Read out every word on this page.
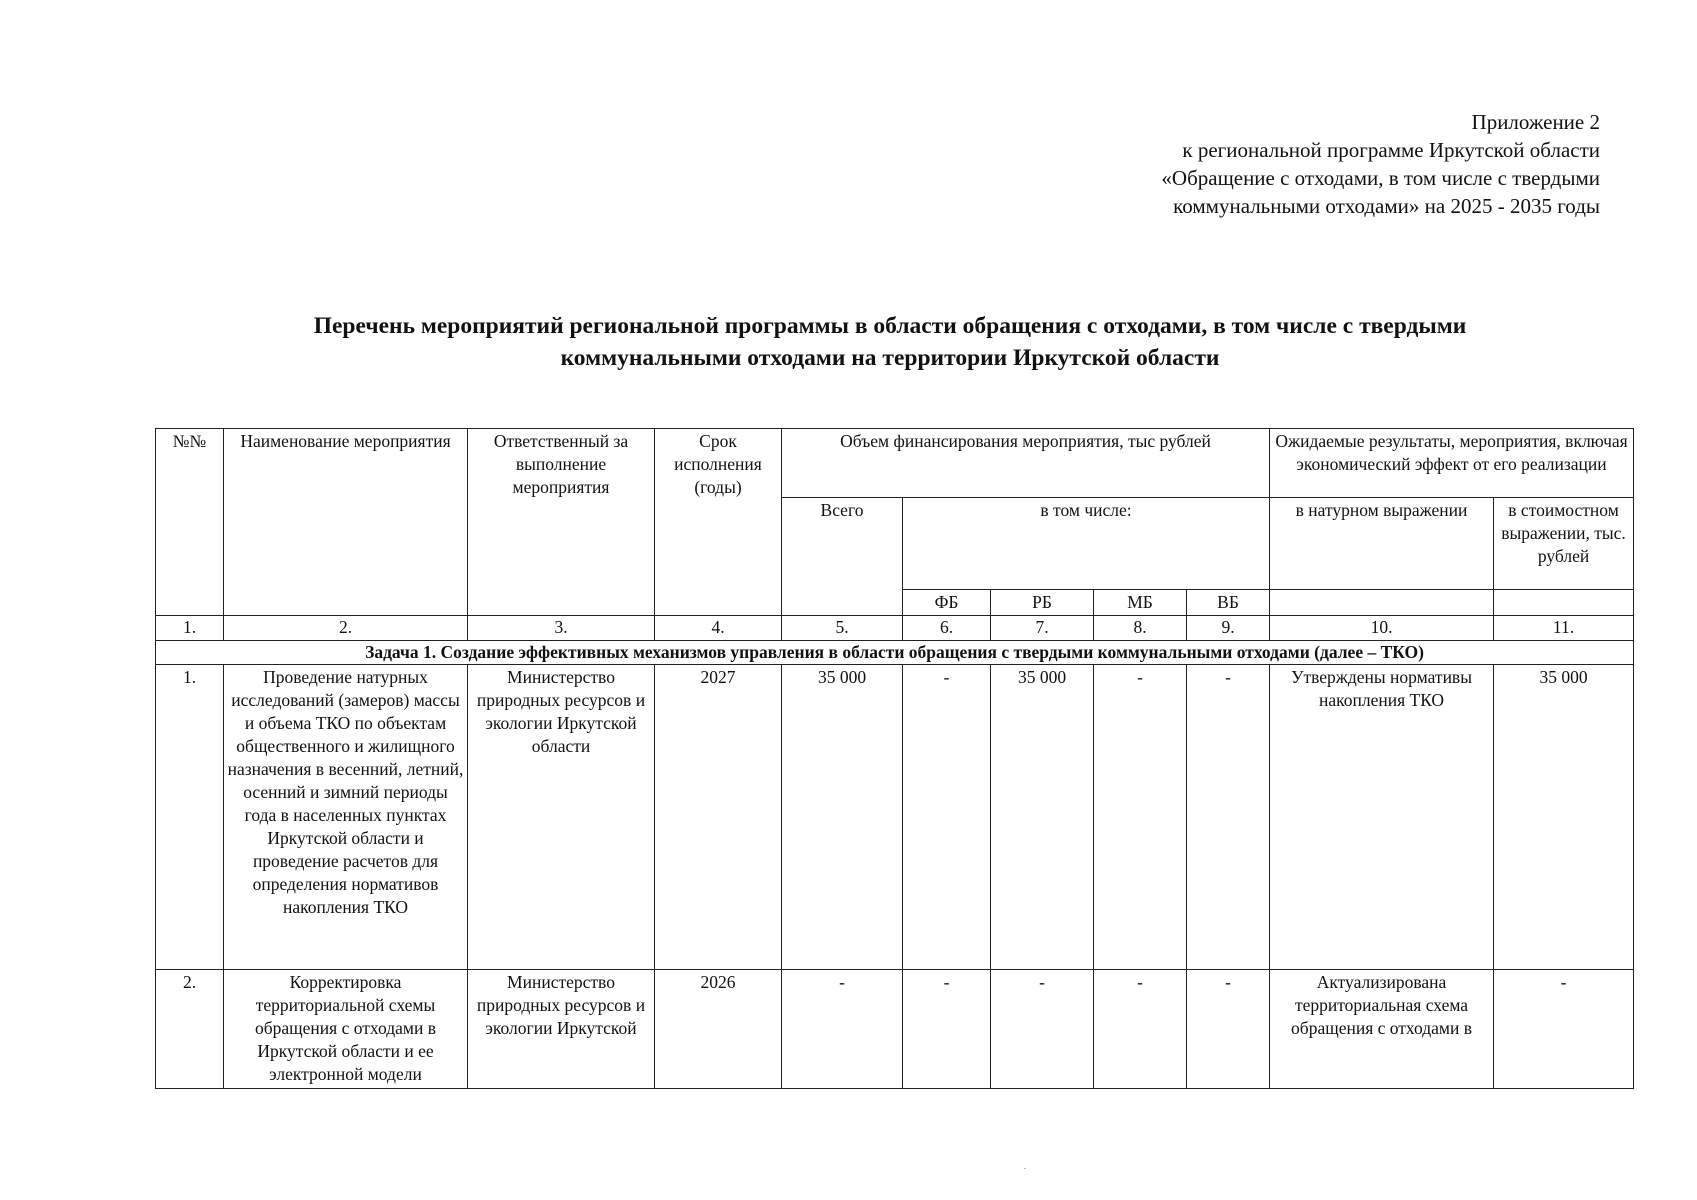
Приложение 2
к региональной программе Иркутской области
«Обращение с отходами, в том числе с твердыми
коммунальными отходами» на 2025 - 2035 годы
Перечень мероприятий региональной программы в области обращения с отходами, в том числе с твердыми
коммунальными отходами на территории Иркутской области
№№	Наименование мероприятия	Ответственный за выполнение мероприятия	Срок исполнения (годы)	Объем финансирования мероприятия, тыс рублей					Ожидаемые результаты, мероприятия, включая экономический эффект от его реализации	
				Всего	в том числе:				в натурном выражении	в стоимостном выражении, тыс. рублей
					ФБ	РБ	МБ	ВБ		
1.	2.	3.	4.	5.	6.	7.	8.	9.	10.	11.
Задача 1. Создание эффективных механизмов управления в области обращения с твердыми коммунальными отходами (далее – ТКО)										
1.	Проведение натурных исследований (замеров) массы и объема ТКО по объектам общественного и жилищного назначения в весенний, летний, осенний и зимний периоды года в населенных пунктах Иркутской области и проведение расчетов для определения нормативов накопления ТКО	Министерство природных ресурсов и экологии Иркутской области	2027	35 000	-	35 000	-	-	Утверждены нормативы накопления ТКО	35 000
2.	Корректировка территориальной схемы обращения с отходами в Иркутской области и ее электронной модели	Министерство природных ресурсов и экологии Иркутской	2026	-	-	-	-	-	Актуализирована территориальная схема обращения с отходами в	-
